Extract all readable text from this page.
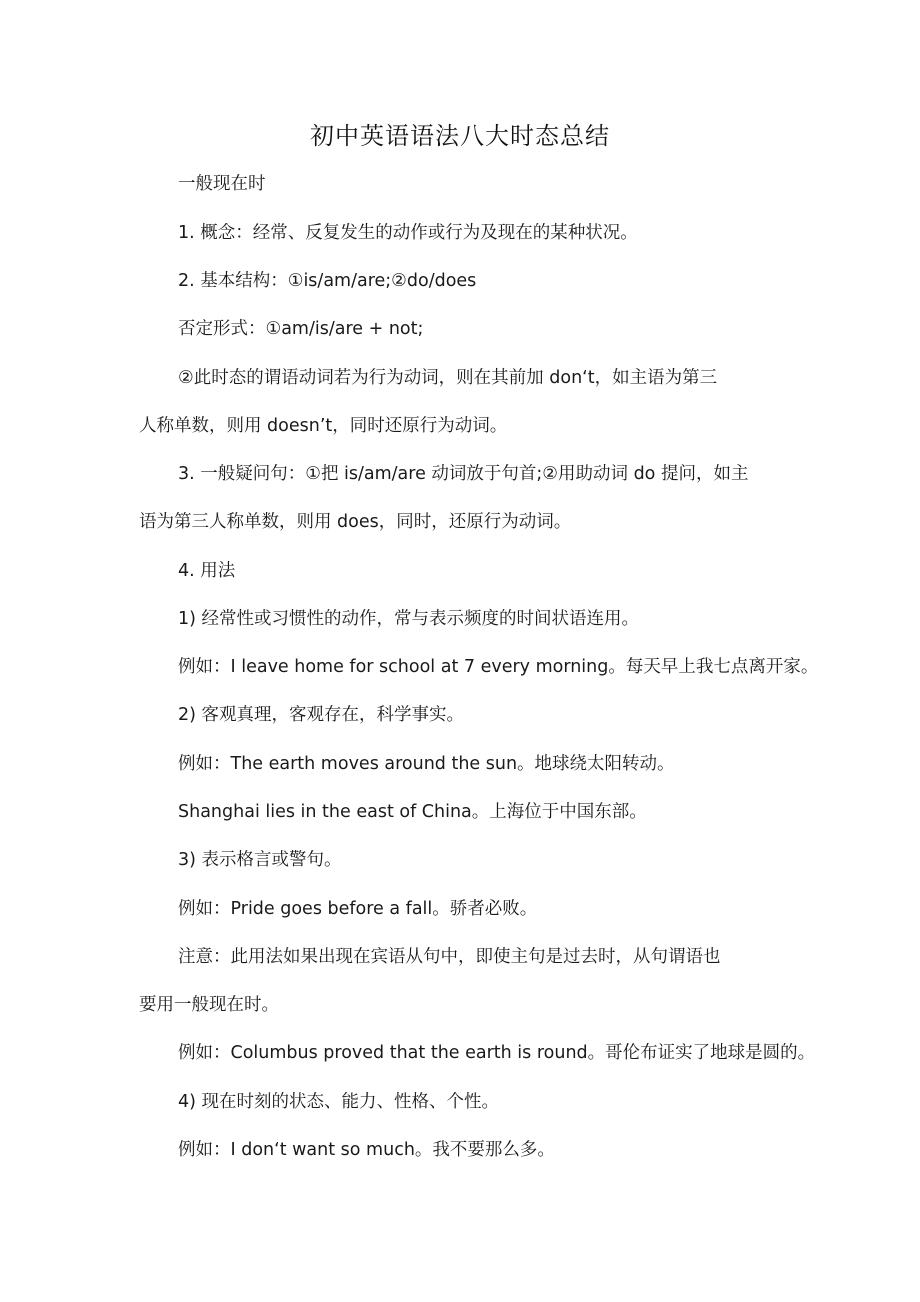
初中英语语法八大时态总结
一般现在时
1. 概念：经常、反复发生的动作或行为及现在的某种状况。
2. 基本结构：①is/am/are;②do/does
否定形式：①am/is/are + not;
②此时态的谓语动词若为行为动词，则在其前加 don‘t，如主语为第三
人称单数，则用 doesn’t，同时还原行为动词。
3. 一般疑问句：①把 is/am/are 动词放于句首;②用助动词 do 提问，如主
语为第三人称单数，则用 does，同时，还原行为动词。
4. 用法
1) 经常性或习惯性的动作，常与表示频度的时间状语连用。
例如：I leave home for school at 7 every morning。每天早上我七点离开家。
2) 客观真理，客观存在，科学事实。
例如：The earth moves around the sun。地球绕太阳转动。
Shanghai lies in the east of China。上海位于中国东部。
3) 表示格言或警句。
例如：Pride goes before a fall。骄者必败。
注意：此用法如果出现在宾语从句中，即使主句是过去时，从句谓语也
要用一般现在时。
例如：Columbus proved that the earth is round。哥伦布证实了地球是圆的。
4) 现在时刻的状态、能力、性格、个性。
例如：I don‘t want so much。我不要那么多。
